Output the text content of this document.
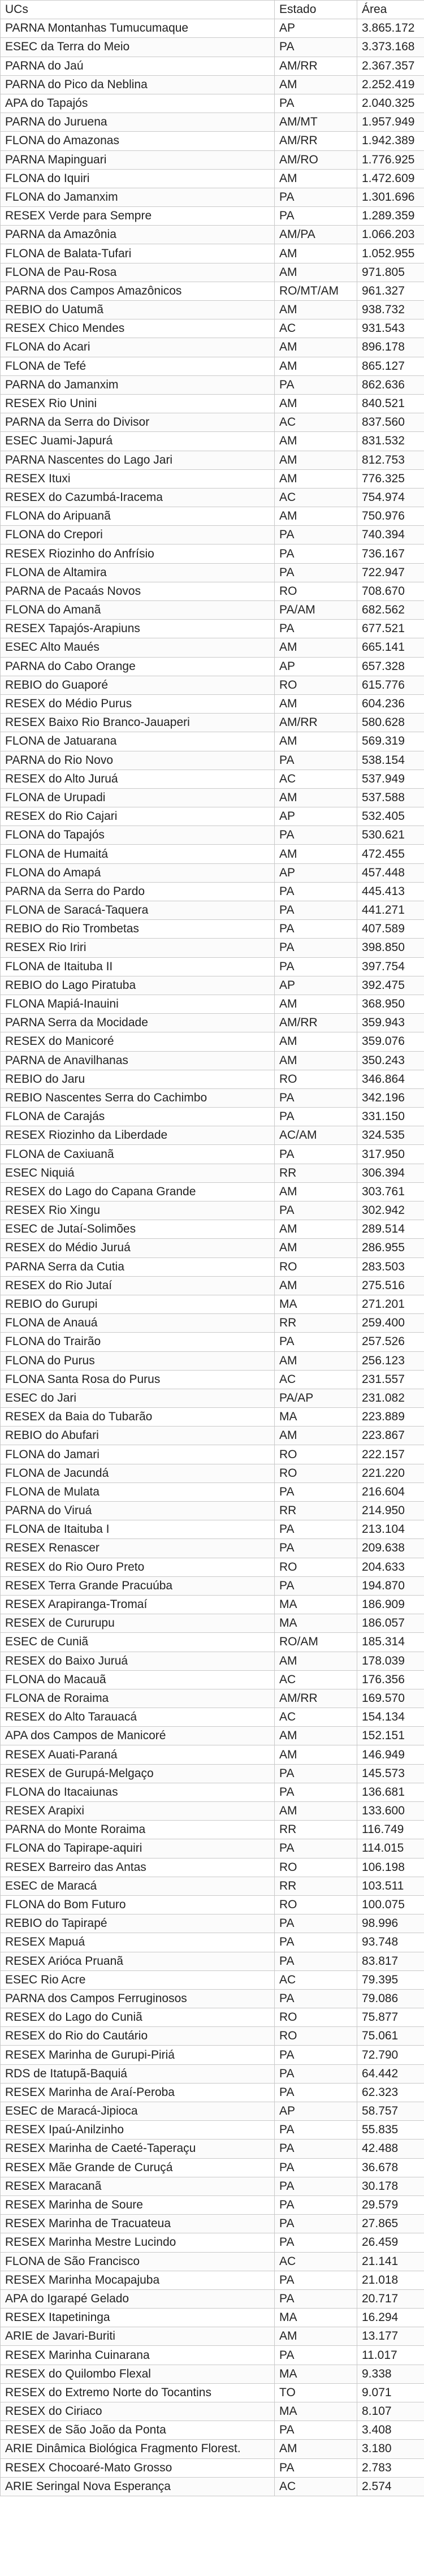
UCs	Estado	Área
PARNA Montanhas Tumucumaque	AP	3.865.172
ESEC da Terra do Meio	PA	3.373.168
PARNA do Jaú	AM/RR	2.367.357
PARNA do Pico da Neblina	AM	2.252.419
APA do Tapajós	PA	2.040.325
PARNA do Juruena	AM/MT	1.957.949
FLONA do Amazonas	AM/RR	1.942.389
PARNA Mapinguari	AM/RO	1.776.925
FLONA do Iquiri	AM	1.472.609
FLONA do Jamanxim	PA	1.301.696
RESEX Verde para Sempre	PA	1.289.359
PARNA da Amazônia	AM/PA	1.066.203
FLONA de Balata-Tufari	AM	1.052.955
FLONA de Pau-Rosa	AM	971.805
PARNA dos Campos Amazônicos	RO/MT/AM	961.327
REBIO do Uatumã	AM	938.732
RESEX Chico Mendes	AC	931.543
FLONA do Acari	AM	896.178
FLONA de Tefé	AM	865.127
PARNA do Jamanxim	PA	862.636
RESEX Rio Unini	AM	840.521
PARNA da Serra do Divisor	AC	837.560
ESEC Juami-Japurá	AM	831.532
PARNA Nascentes do Lago Jari	AM	812.753
RESEX Ituxi	AM	776.325
RESEX do Cazumbá-Iracema	AC	754.974
FLONA do Aripuanã	AM	750.976
FLONA do Crepori	PA	740.394
RESEX Riozinho do Anfrísio	PA	736.167
FLONA de Altamira	PA	722.947
PARNA de Pacaás Novos	RO	708.670
FLONA do Amanã	PA/AM	682.562
RESEX Tapajós-Arapiuns	PA	677.521
ESEC Alto Maués	AM	665.141
PARNA do Cabo Orange	AP	657.328
REBIO do Guaporé	RO	615.776
RESEX do Médio Purus	AM	604.236
RESEX Baixo Rio Branco-Jauaperi	AM/RR	580.628
FLONA de Jatuarana	AM	569.319
PARNA do Rio Novo	PA	538.154
RESEX do Alto Juruá	AC	537.949
FLONA de Urupadi	AM	537.588
RESEX do Rio Cajari	AP	532.405
FLONA do Tapajós	PA	530.621
FLONA de Humaitá	AM	472.455
FLONA do Amapá	AP	457.448
PARNA da Serra do Pardo	PA	445.413
FLONA de Saracá-Taquera	PA	441.271
REBIO do Rio Trombetas	PA	407.589
RESEX Rio Iriri	PA	398.850
FLONA de Itaituba II	PA	397.754
REBIO do Lago Piratuba	AP	392.475
FLONA Mapiá-Inauini	AM	368.950
PARNA Serra da Mocidade	AM/RR	359.943
RESEX do Manicoré	AM	359.076
PARNA de Anavilhanas	AM	350.243
REBIO do Jaru	RO	346.864
REBIO Nascentes Serra do Cachimbo	PA	342.196
FLONA de Carajás	PA	331.150
RESEX Riozinho da Liberdade	AC/AM	324.535
FLONA de Caxiuanã	PA	317.950
ESEC Niquiá	RR	306.394
RESEX do Lago do Capana Grande	AM	303.761
RESEX Rio Xingu	PA	302.942
ESEC de Jutaí-Solimões	AM	289.514
RESEX do Médio Juruá	AM	286.955
PARNA Serra da Cutia	RO	283.503
RESEX do Rio Jutaí	AM	275.516
REBIO do Gurupi	MA	271.201
FLONA de Anauá	RR	259.400
FLONA do Trairão	PA	257.526
FLONA do Purus	AM	256.123
FLONA Santa Rosa do Purus	AC	231.557
ESEC do Jari	PA/AP	231.082
RESEX da Baia do Tubarão	MA	223.889
REBIO do Abufari	AM	223.867
FLONA do Jamari	RO	222.157
FLONA de Jacundá	RO	221.220
FLONA de Mulata	PA	216.604
PARNA do Viruá	RR	214.950
FLONA de Itaituba I	PA	213.104
RESEX Renascer	PA	209.638
RESEX do Rio Ouro Preto	RO	204.633
RESEX Terra Grande Pracuúba	PA	194.870
RESEX Arapiranga-Tromaí	MA	186.909
RESEX de Cururupu	MA	186.057
ESEC de Cuniã	RO/AM	185.314
RESEX do Baixo Juruá	AM	178.039
FLONA do Macauã	AC	176.356
FLONA de Roraima	AM/RR	169.570
RESEX do Alto Tarauacá	AC	154.134
APA dos Campos de Manicoré	AM	152.151
RESEX Auati-Paraná	AM	146.949
RESEX de Gurupá-Melgaço	PA	145.573
FLONA do Itacaiunas	PA	136.681
RESEX Arapixi	AM	133.600
PARNA do Monte Roraima	RR	116.749
FLONA do Tapirape-aquiri	PA	114.015
RESEX Barreiro das Antas	RO	106.198
ESEC de Maracá	RR	103.511
FLONA do Bom Futuro	RO	100.075
REBIO do Tapirapé	PA	98.996
RESEX Mapuá	PA	93.748
RESEX Arióca Pruanã	PA	83.817
ESEC Rio Acre	AC	79.395
PARNA dos Campos Ferruginosos	PA	79.086
RESEX do Lago do Cuniã	RO	75.877
RESEX do Rio do Cautário	RO	75.061
RESEX Marinha de Gurupi-Piriá	PA	72.790
RDS de Itatupã-Baquiá	PA	64.442
RESEX Marinha de Araí-Peroba	PA	62.323
ESEC de Maracá-Jipioca	AP	58.757
RESEX Ipaú-Anilzinho	PA	55.835
RESEX Marinha de Caeté-Taperaçu	PA	42.488
RESEX Mãe Grande de Curuçá	PA	36.678
RESEX Maracanã	PA	30.178
RESEX Marinha de Soure	PA	29.579
RESEX Marinha de Tracuateua	PA	27.865
RESEX Marinha Mestre Lucindo	PA	26.459
FLONA de São Francisco	AC	21.141
RESEX Marinha Mocapajuba	PA	21.018
APA do Igarapé Gelado	PA	20.717
RESEX Itapetininga	MA	16.294
ARIE de Javari-Buriti	AM	13.177
RESEX Marinha Cuinarana	PA	11.017
RESEX do Quilombo Flexal	MA	9.338
RESEX do Extremo Norte do Tocantins	TO	9.071
RESEX do Ciriaco	MA	8.107
RESEX de São João da Ponta	PA	3.408
ARIE Dinâmica Biológica Fragmento Florest.	AM	3.180
RESEX Chocoaré-Mato Grosso	PA	2.783
ARIE Seringal Nova Esperança	AC	2.574
